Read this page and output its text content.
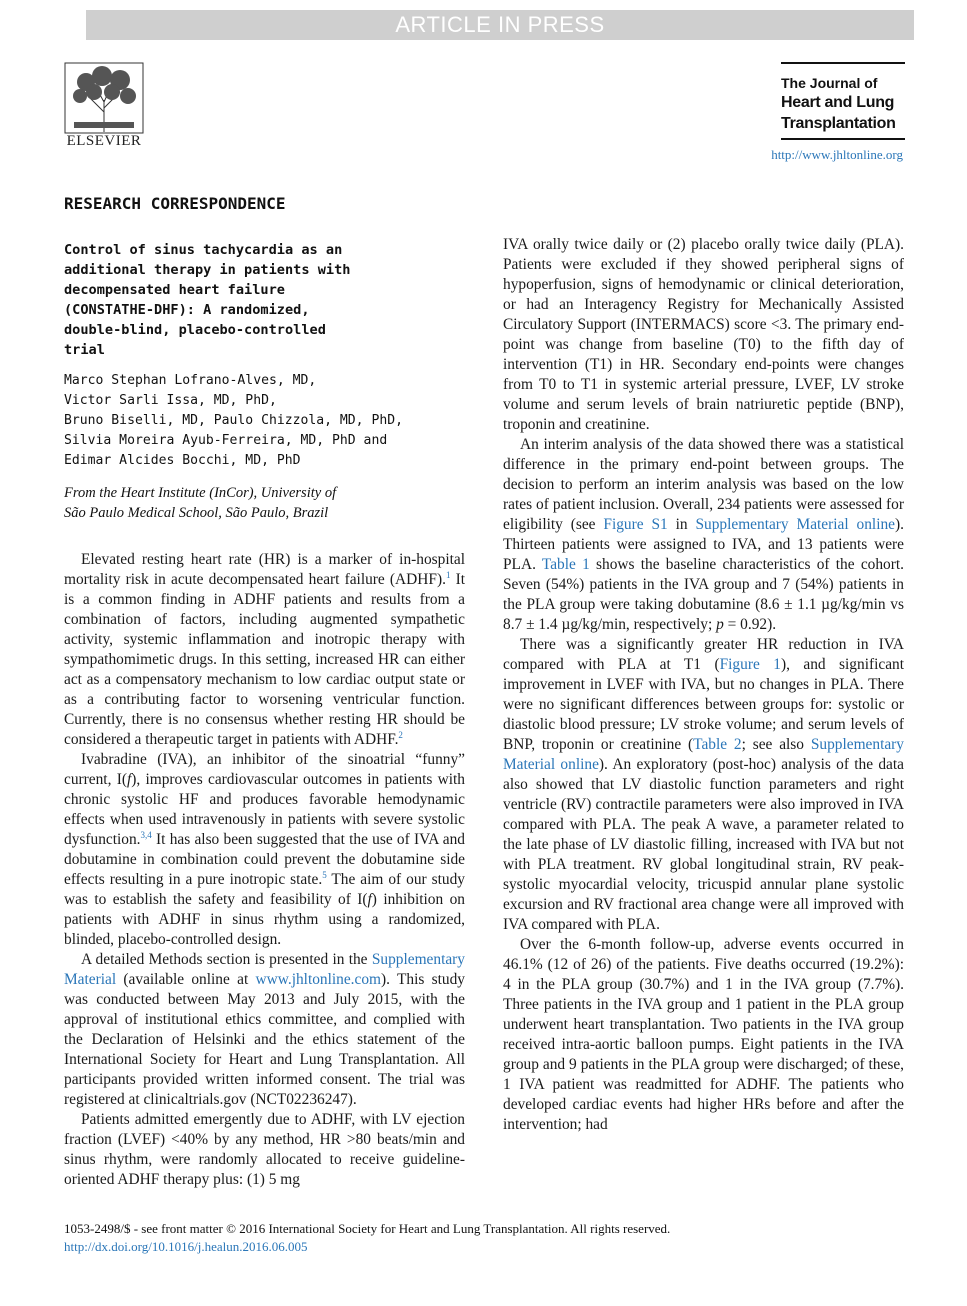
ARTICLE IN PRESS
ELSEVIER
The Journal of
Heart and Lung
Transplantation
http://www.jhltonline.org
RESEARCH CORRESPONDENCE
Control of sinus tachycardia as an
additional therapy in patients with
decompensated heart failure
(CONSTATHE-DHF): A randomized,
double-blind, placebo-controlled trial
Marco Stephan Lofrano-Alves, MD,
Victor Sarli Issa, MD, PhD,
Bruno Biselli, MD, Paulo Chizzola, MD, PhD,
Silvia Moreira Ayub-Ferreira, MD, PhD and
Edimar Alcides Bocchi, MD, PhD
From the Heart Institute (InCor), University of
São Paulo Medical School, São Paulo, Brazil

Elevated resting heart rate (HR) is a marker of in-hospital mortality risk in acute decompensated heart failure (ADHF).$^1$ It is a common finding in ADHF patients and results from a combination of factors, including augmented sympathetic activity, systemic inflammation and inotropic therapy with sympathomimetic drugs. In this setting, increased HR can either act as a compensatory mechanism to low cardiac output state or as a contributing factor to worsening ventricular function. Currently, there is no consensus whether resting HR should be considered a therapeutic target in patients with ADHF.$^2$

Ivabradine (IVA), an inhibitor of the sinoatrial “funny” current, I(f), improves cardiovascular outcomes in patients with chronic systolic HF and produces favorable hemodynamic effects when used intravenously in patients with severe systolic dysfunction.$^{3,4}$ It has also been suggested that the use of IVA and dobutamine in combination could prevent the dobutamine side effects resulting in a pure inotropic state.$^5$ The aim of our study was to establish the safety and feasibility of I(f) inhibition on patients with ADHF in sinus rhythm using a randomized, blinded, placebo-controlled design.

A detailed Methods section is presented in the Supplementary Material (available online at www.jhltonline.com). This study was conducted between May 2013 and July 2015, with the approval of institutional ethics committee, and complied with the Declaration of Helsinki and the ethics statement of the International Society for Heart and Lung Transplantation. All participants provided written informed consent. The trial was registered at clinicaltrials.gov (NCT02236247).

Patients admitted emergently due to ADHF, with LV ejection fraction (LVEF) <40% by any method, HR >80 beats/min and sinus rhythm, were randomly allocated to receive guideline-oriented ADHF therapy plus: (1) 5 mg

IVA orally twice daily or (2) placebo orally twice daily (PLA). Patients were excluded if they showed peripheral signs of hypoperfusion, signs of hemodynamic or clinical deterioration, or had an Interagency Registry for Mechanically Assisted Circulatory Support (INTERMACS) score <3. The primary end-point was change from baseline (T0) to the fifth day of intervention (T1) in HR. Secondary end-points were changes from T0 to T1 in systemic arterial pressure, LVEF, LV stroke volume and serum levels of brain natriuretic peptide (BNP), troponin and creatinine.

An interim analysis of the data showed there was a statistical difference in the primary end-point between groups. The decision to perform an interim analysis was based on the low rates of patient inclusion. Overall, 234 patients were assessed for eligibility (see Figure S1 in Supplementary Material online). Thirteen patients were assigned to IVA, and 13 patients were PLA. Table 1 shows the baseline characteristics of the cohort. Seven (54%) patients in the IVA group and 7 (54%) patients in the PLA group were taking dobutamine (8.6 ± 1.1 µg/kg/min vs 8.7 ± 1.4 µg/kg/min, respectively; p = 0.92).

There was a significantly greater HR reduction in IVA compared with PLA at T1 (Figure 1), and significant improvement in LVEF with IVA, but no changes in PLA. There were no significant differences between groups for: systolic or diastolic blood pressure; LV stroke volume; and serum levels of BNP, troponin or creatinine (Table 2; see also Supplementary Material online). An exploratory (post-hoc) analysis of the data also showed that LV diastolic function parameters and right ventricle (RV) contractile parameters were also improved in IVA compared with PLA. The peak A wave, a parameter related to the late phase of LV diastolic filling, increased with IVA but not with PLA treatment. RV global longitudinal strain, RV peak-systolic myocardial velocity, tricuspid annular plane systolic excursion and RV fractional area change were all improved with IVA compared with PLA.

Over the 6-month follow-up, adverse events occurred in 46.1% (12 of 26) of the patients. Five deaths occurred (19.2%): 4 in the PLA group (30.7%) and 1 in the IVA group (7.7%). Three patients in the IVA group and 1 patient in the PLA group underwent heart transplantation. Two patients in the IVA group received intra-aortic balloon pumps. Eight patients in the IVA group and 9 patients in the PLA group were discharged; of these, 1 IVA patient was readmitted for ADHF. The patients who developed cardiac events had higher HRs before and after the intervention; had

1053-2498/$ - see front matter © 2016 International Society for Heart and Lung Transplantation. All rights reserved.
http://dx.doi.org/10.1016/j.healun.2016.06.005
